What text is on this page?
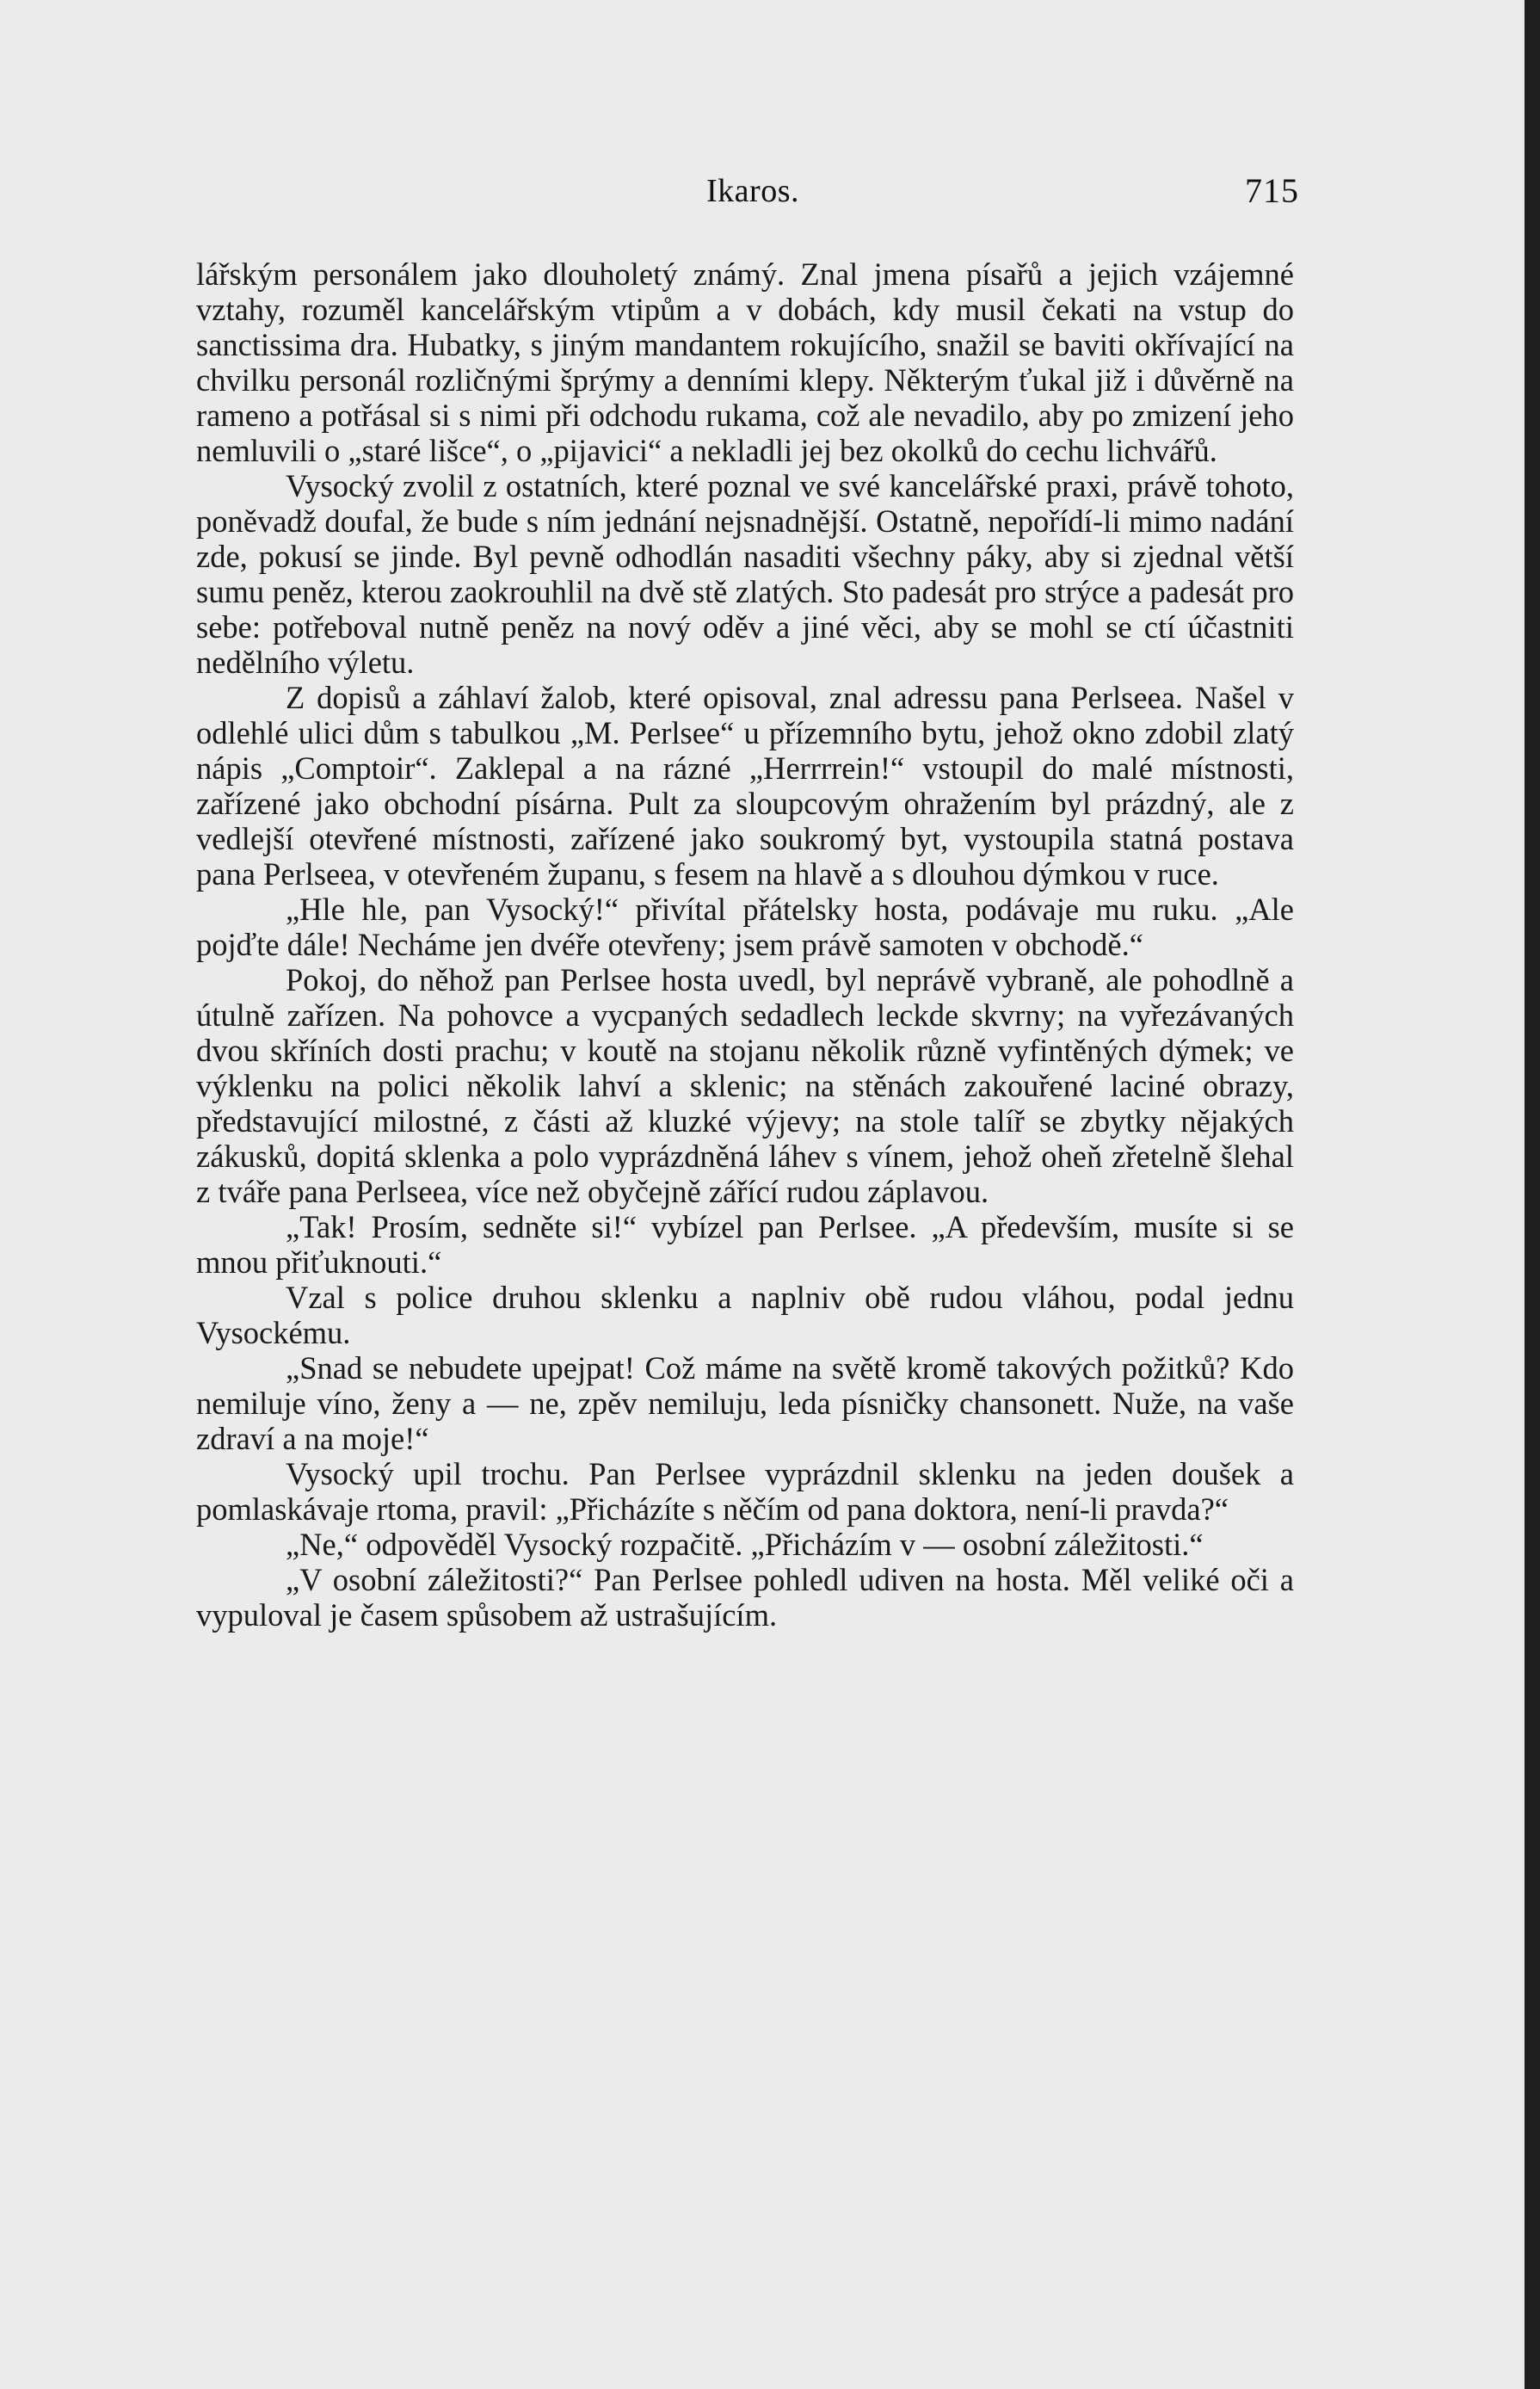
Ikaros.	715

lářským personálem jako dlouholetý známý. Znal jmena písařů a jejich vzájemné vztahy, rozuměl kancelářským vtipům a v dobách, kdy musil čekati na vstup do sanctissima dra. Hubatky, s jiným mandantem rokujícího, snažil se baviti okřívající na chvilku personál rozličnými šprýmy a denními klepy. Některým ťukal již i důvěrně na rameno a potřásal si s nimi při odchodu rukama, což ale nevadilo, aby po zmizení jeho nemluvili o „staré lišce“, o „pijavici“ a nekladli jej bez okolků do cechu lichvářů.

Vysocký zvolil z ostatních, které poznal ve své kancelářské praxi, právě tohoto, poněvadž doufal, že bude s ním jednání nejsnadnější. Ostatně, nepořídí-li mimo nadání zde, pokusí se jinde. Byl pevně odhodlán nasaditi všechny páky, aby si zjednal větší sumu peněz, kterou zaokrouhlil na dvě stě zlatých. Sto padesát pro strýce a padesát pro sebe: potřeboval nutně peněz na nový oděv a jiné věci, aby se mohl se ctí účastniti nedělního výletu.

Z dopisů a záhlaví žalob, které opisoval, znal adressu pana Perlseea. Našel v odlehlé ulici dům s tabulkou „M. Perlsee“ u přízemního bytu, jehož okno zdobil zlatý nápis „Comptoir“. Zaklepal a na rázné „Herrrrein!“ vstoupil do malé místnosti, zařízené jako obchodní písárna. Pult za sloupcovým ohražením byl prázdný, ale z vedlejší otevřené místnosti, zařízené jako soukromý byt, vystoupila statná postava pana Perlseea, v otevřeném županu, s fesem na hlavě a s dlouhou dýmkou v ruce.

„Hle hle, pan Vysocký!“ přivítal přátelsky hosta, podávaje mu ruku. „Ale pojďte dále! Necháme jen dvéře otevřeny; jsem právě samoten v obchodě.“

Pokoj, do něhož pan Perlsee hosta uvedl, byl neprávě vybraně, ale pohodlně a útulně zařízen. Na pohovce a vycpaných sedadlech leckde skvrny; na vyřezávaných dvou skříních dosti prachu; v koutě na stojanu několik různě vyfintěných dýmek; ve výklenku na polici několik lahví a sklenic; na stěnách zakouřené laciné obrazy, představující milostné, z části až kluzké výjevy; na stole talíř se zbytky nějakých zákusků, dopitá sklenka a polo vyprázdněná láhev s vínem, jehož oheň zřetelně šlehal z tváře pana Perlseea, více než obyčejně zářící rudou záplavou.

„Tak! Prosím, sedněte si!“ vybízel pan Perlsee. „A především, musíte si se mnou přiťuknouti.“

Vzal s police druhou sklenku a naplniv obě rudou vláhou, podal jednu Vysockému.

„Snad se nebudete upejpat! Což máme na světě kromě takových požitků? Kdo nemiluje víno, ženy a — ne, zpěv nemiluju, leda písničky chansonett. Nuže, na vaše zdraví a na moje!“

Vysocký upil trochu. Pan Perlsee vyprázdnil sklenku na jeden doušek a pomlaskávaje rtoma, pravil: „Přicházíte s něčím od pana doktora, není-li pravda?“

„Ne,“ odpověděl Vysocký rozpačitě. „Přicházím v — osobní záležitosti.“

„V osobní záležitosti?“ Pan Perlsee pohledl udiven na hosta. Měl veliké oči a vypuloval je časem spůsobem až ustrašujícím.
